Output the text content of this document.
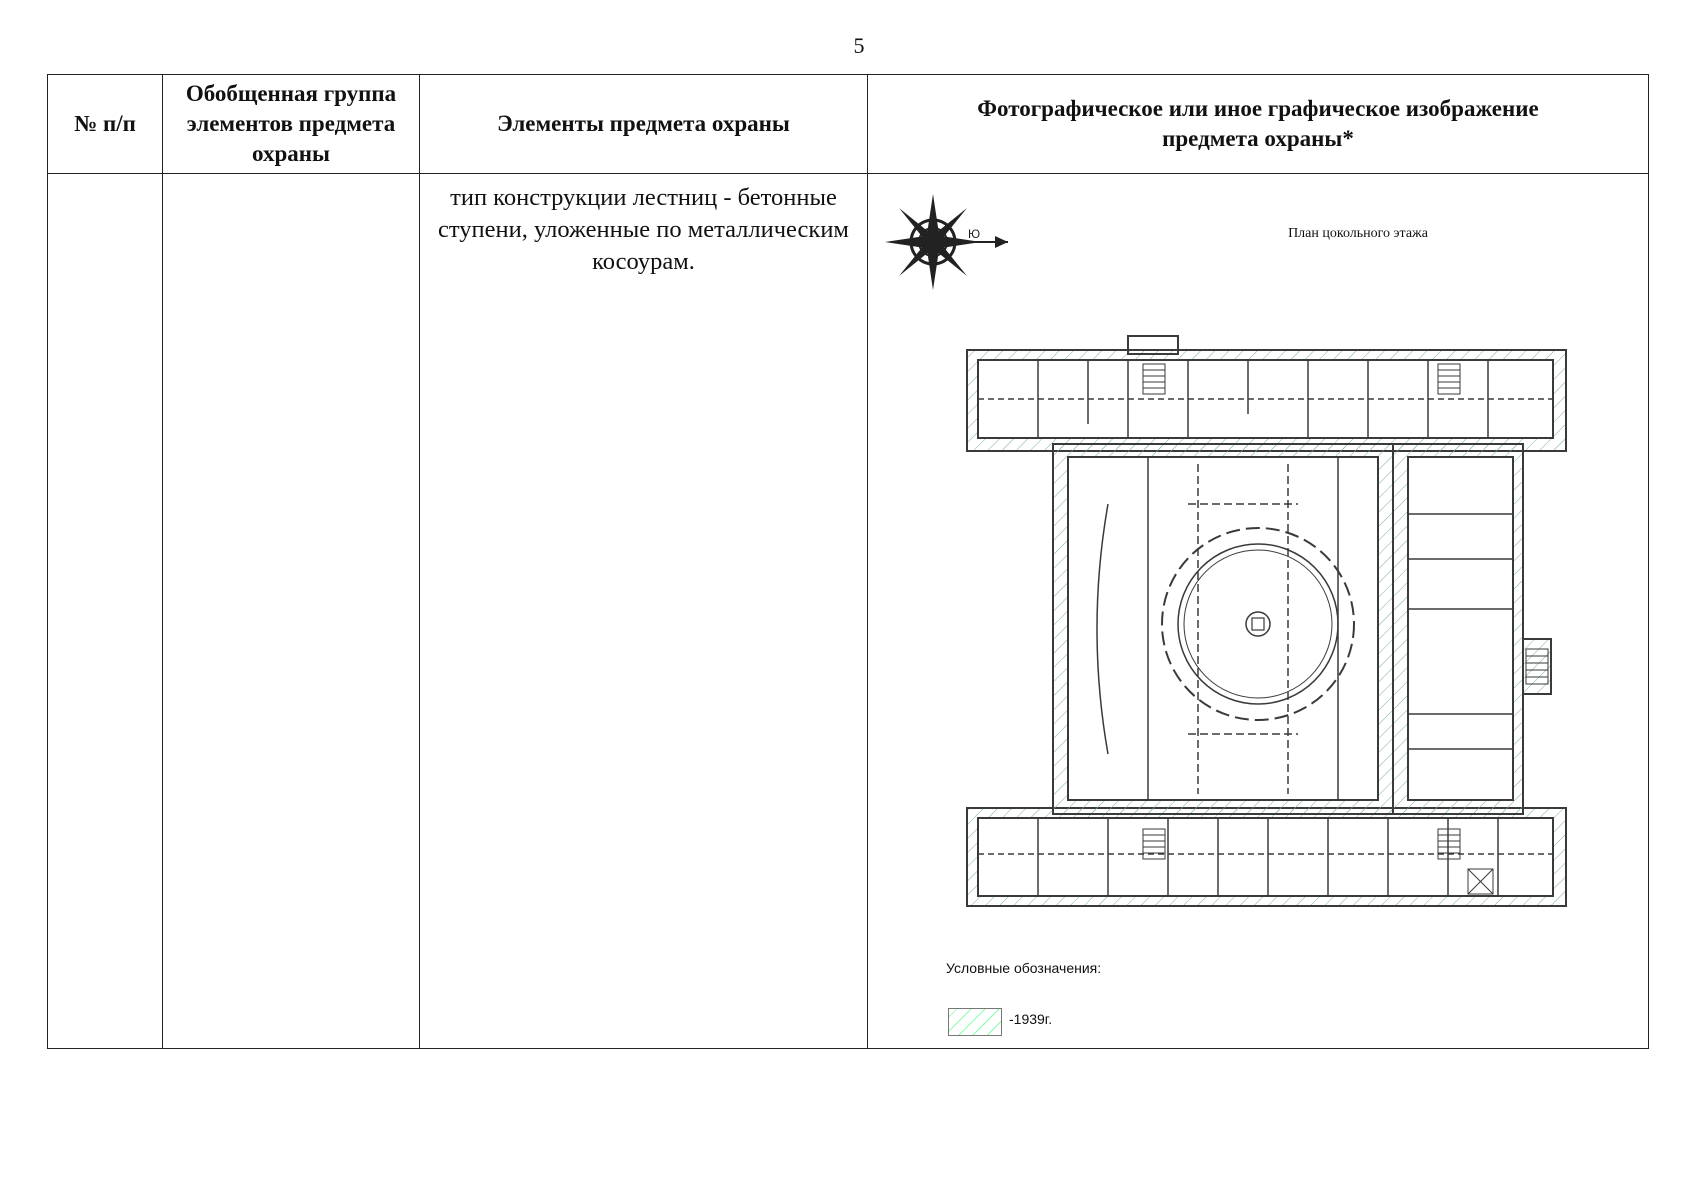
5
№ п/п	Обобщенная группа элементов предмета охраны	Элементы предмета охраны	Фотографическое или иное графическое изображение предмета охраны*

		тип конструкции лестниц - бетонные ступени, уложенные по металлическим косоурам.	Ю План цокольного этажа
Условные обозначения:
-1939г.
